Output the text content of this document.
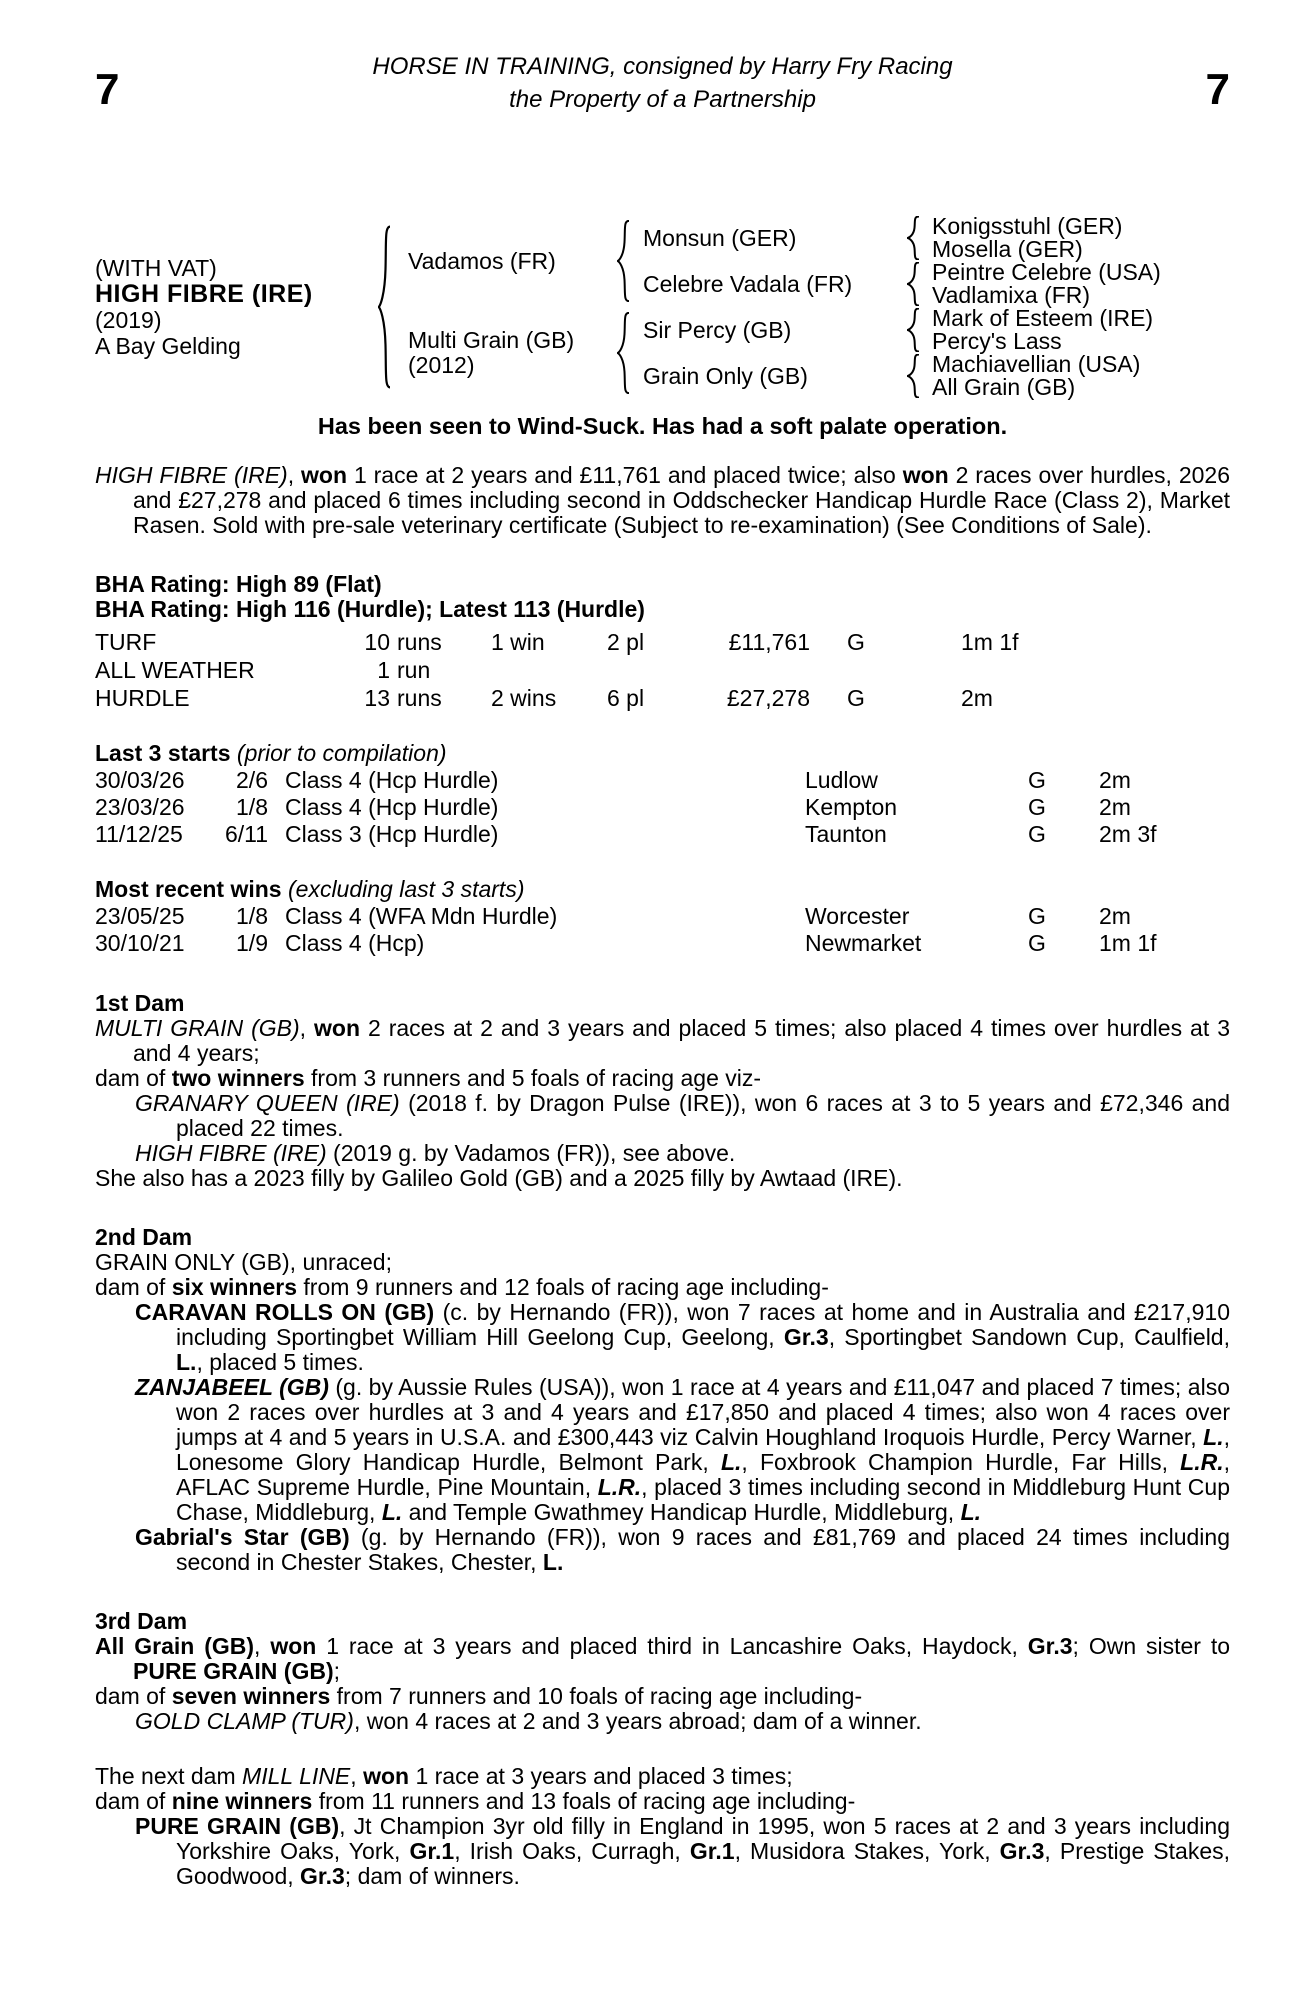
7	7
HORSE IN TRAINING, consigned by Harry Fry Racing
the Property of a Partnership
(WITH VAT)
HIGH FIBRE (IRE)
(2019)
A Bay Gelding
Vadamos (FR)
Multi Grain (GB)
(2012)
Monsun (GER)
Celebre Vadala (FR)
Sir Percy (GB)
Grain Only (GB)
Konigsstuhl (GER)
Mosella (GER)
Peintre Celebre (USA)
Vadlamixa (FR)
Mark of Esteem (IRE)
Percy's Lass
Machiavellian (USA)
All Grain (GB)
Has been seen to Wind-Suck. Has had a soft palate operation.

HIGH FIBRE (IRE), won 1 race at 2 years and £11,761 and placed twice; also won 2 races over hurdles, 2026 and £27,278 and placed 6 times including second in Oddschecker Handicap Hurdle Race (Class 2), Market Rasen. Sold with pre-sale veterinary certificate (Subject to re-examination) (See Conditions of Sale).

BHA Rating: High 89 (Flat)
BHA Rating: High 116 (Hurdle); Latest 113 (Hurdle)
TURF	10 runs	1 win	2 pl	£11,761	G	1m 1f
ALL WEATHER	1 run
HURDLE	13 runs	2 wins	6 pl	£27,278	G	2m
Last 3 starts (prior to compilation)
30/03/26	2/6 Class 4 (Hcp Hurdle)	Ludlow	G	2m
23/03/26	1/8 Class 4 (Hcp Hurdle)	Kempton	G	2m
11/12/25	6/11 Class 3 (Hcp Hurdle)	Taunton	G	2m 3f
Most recent wins (excluding last 3 starts)
23/05/25	1/8 Class 4 (WFA Mdn Hurdle)	Worcester	G	2m
30/10/21	1/9 Class 4 (Hcp)	Newmarket	G	1m 1f
1st Dam

MULTI GRAIN (GB), won 2 races at 2 and 3 years and placed 5 times; also placed 4 times over hurdles at 3 and 4 years;

dam of two winners from 3 runners and 5 foals of racing age viz-

GRANARY QUEEN (IRE) (2018 f. by Dragon Pulse (IRE)), won 6 races at 3 to 5 years and £72,346 and placed 22 times.

HIGH FIBRE (IRE) (2019 g. by Vadamos (FR)), see above.

She also has a 2023 filly by Galileo Gold (GB) and a 2025 filly by Awtaad (IRE).

2nd Dam

GRAIN ONLY (GB), unraced;

dam of six winners from 9 runners and 12 foals of racing age including-

CARAVAN ROLLS ON (GB) (c. by Hernando (FR)), won 7 races at home and in Australia and £217,910 including Sportingbet William Hill Geelong Cup, Geelong, Gr.3, Sportingbet Sandown Cup, Caulfield, L., placed 5 times.

ZANJABEEL (GB) (g. by Aussie Rules (USA)), won 1 race at 4 years and £11,047 and placed 7 times; also won 2 races over hurdles at 3 and 4 years and £17,850 and placed 4 times; also won 4 races over jumps at 4 and 5 years in U.S.A. and £300,443 viz Calvin Houghland Iroquois Hurdle, Percy Warner, L., Lonesome Glory Handicap Hurdle, Belmont Park, L., Foxbrook Champion Hurdle, Far Hills, L.R., AFLAC Supreme Hurdle, Pine Mountain, L.R., placed 3 times including second in Middleburg Hunt Cup Chase, Middleburg, L. and Temple Gwathmey Handicap Hurdle, Middleburg, L.

Gabrial's Star (GB) (g. by Hernando (FR)), won 9 races and £81,769 and placed 24 times including second in Chester Stakes, Chester, L.

3rd Dam

All Grain (GB), won 1 race at 3 years and placed third in Lancashire Oaks, Haydock, Gr.3; Own sister to PURE GRAIN (GB);

dam of seven winners from 7 runners and 10 foals of racing age including-

GOLD CLAMP (TUR), won 4 races at 2 and 3 years abroad; dam of a winner.

The next dam MILL LINE, won 1 race at 3 years and placed 3 times;

dam of nine winners from 11 runners and 13 foals of racing age including-

PURE GRAIN (GB), Jt Champion 3yr old filly in England in 1995, won 5 races at 2 and 3 years including Yorkshire Oaks, York, Gr.1, Irish Oaks, Curragh, Gr.1, Musidora Stakes, York, Gr.3, Prestige Stakes, Goodwood, Gr.3; dam of winners.
